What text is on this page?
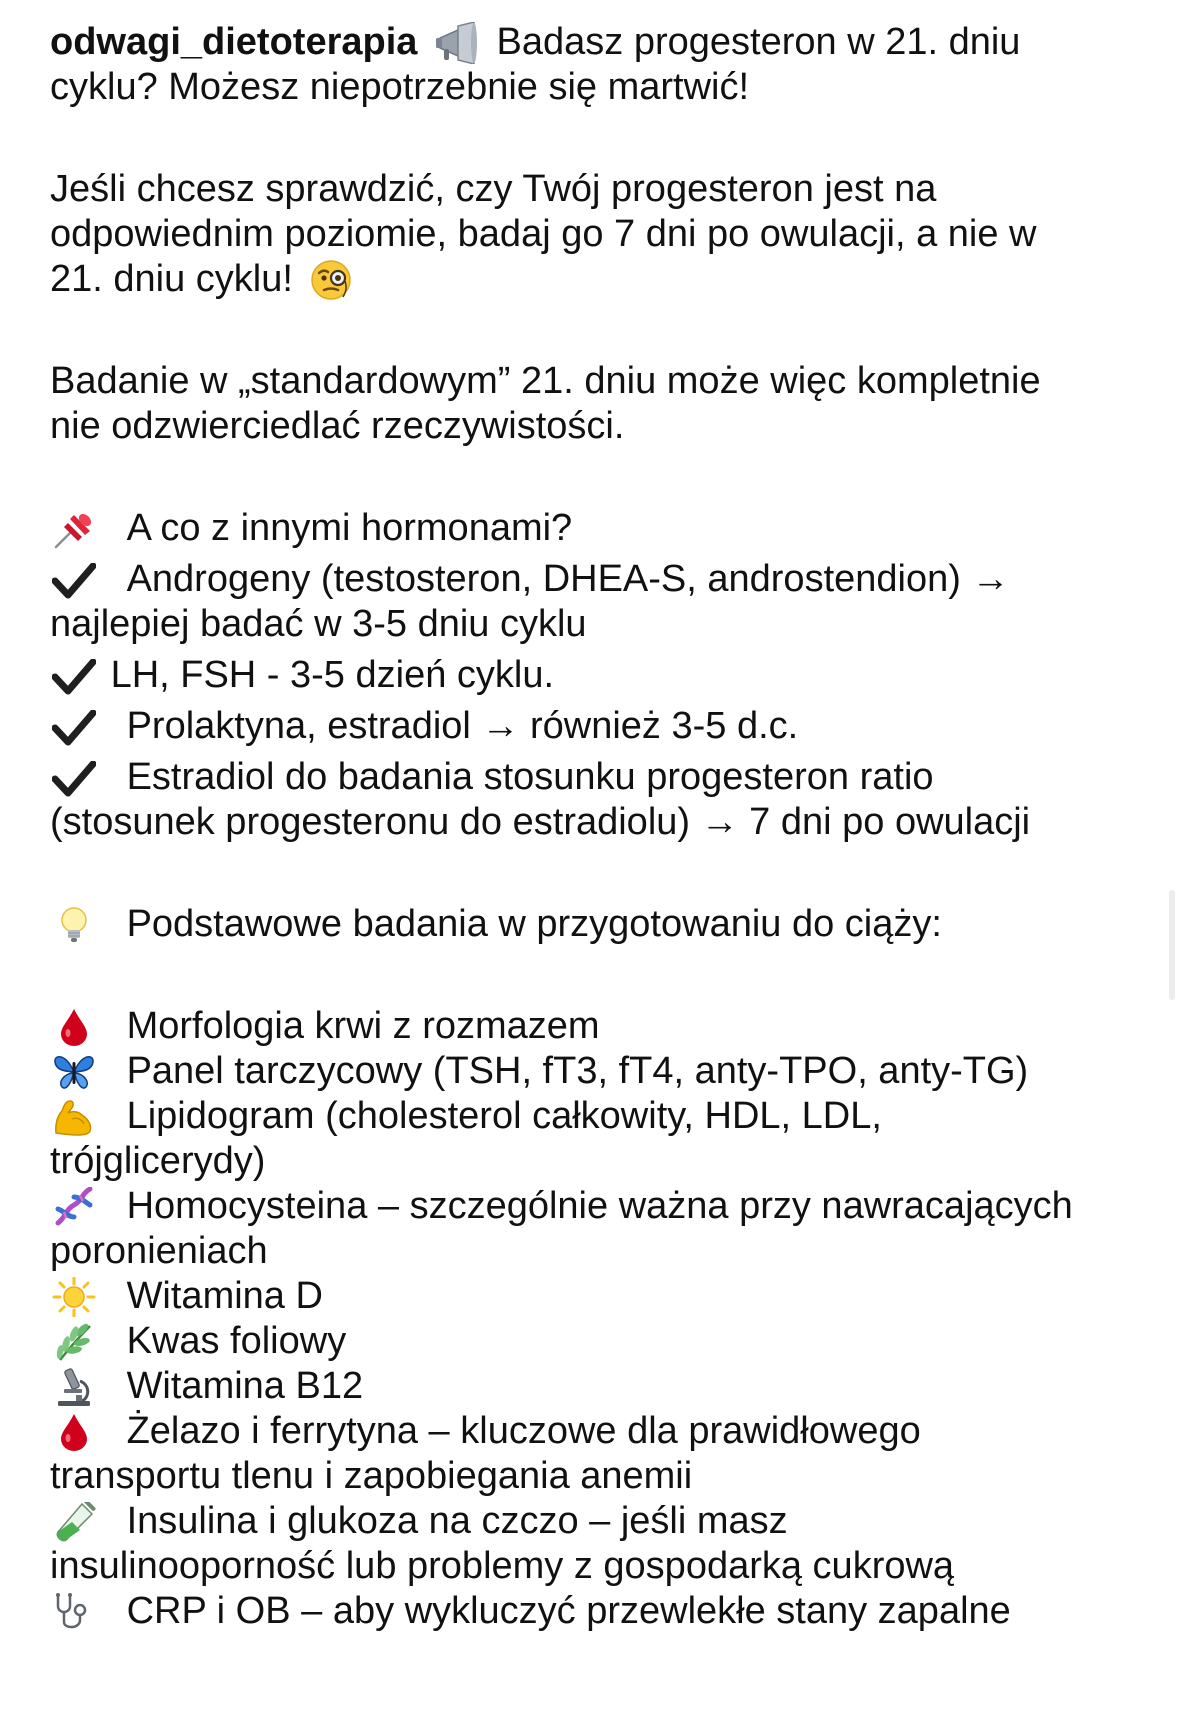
odwagi_dietoterapia Badasz progesteron w 21. dniu
cyklu? Możesz niepotrzebnie się martwić!
Jeśli chcesz sprawdzić, czy Twój progesteron jest na
odpowiednim poziomie, badaj go 7 dni po owulacji, a nie w
21. dniu cyklu!
Badanie w „standardowym” 21. dniu może więc kompletnie
nie odzwierciedlać rzeczywistości.
A co z innymi hormonami?
Androgeny (testosteron, DHEA-S, androstendion) →
najlepiej badać w 3-5 dniu cyklu
LH, FSH - 3-5 dzień cyklu.
Prolaktyna, estradiol → również 3-5 d.c.
Estradiol do badania stosunku progesteron ratio
(stosunek progesteronu do estradiolu) → 7 dni po owulacji
Podstawowe badania w przygotowaniu do ciąży:
Morfologia krwi z rozmazem
Panel tarczycowy (TSH, fT3, fT4, anty-TPO, anty-TG)
Lipidogram (cholesterol całkowity, HDL, LDL,
trójglicerydy)
Homocysteina – szczególnie ważna przy nawracających
poronieniach
Witamina D
Kwas foliowy
Witamina B12
Żelazo i ferrytyna – kluczowe dla prawidłowego
transportu tlenu i zapobiegania anemii
Insulina i glukoza na czczo – jeśli masz
insulinooporność lub problemy z gospodarką cukrową
CRP i OB – aby wykluczyć przewlekłe stany zapalne
